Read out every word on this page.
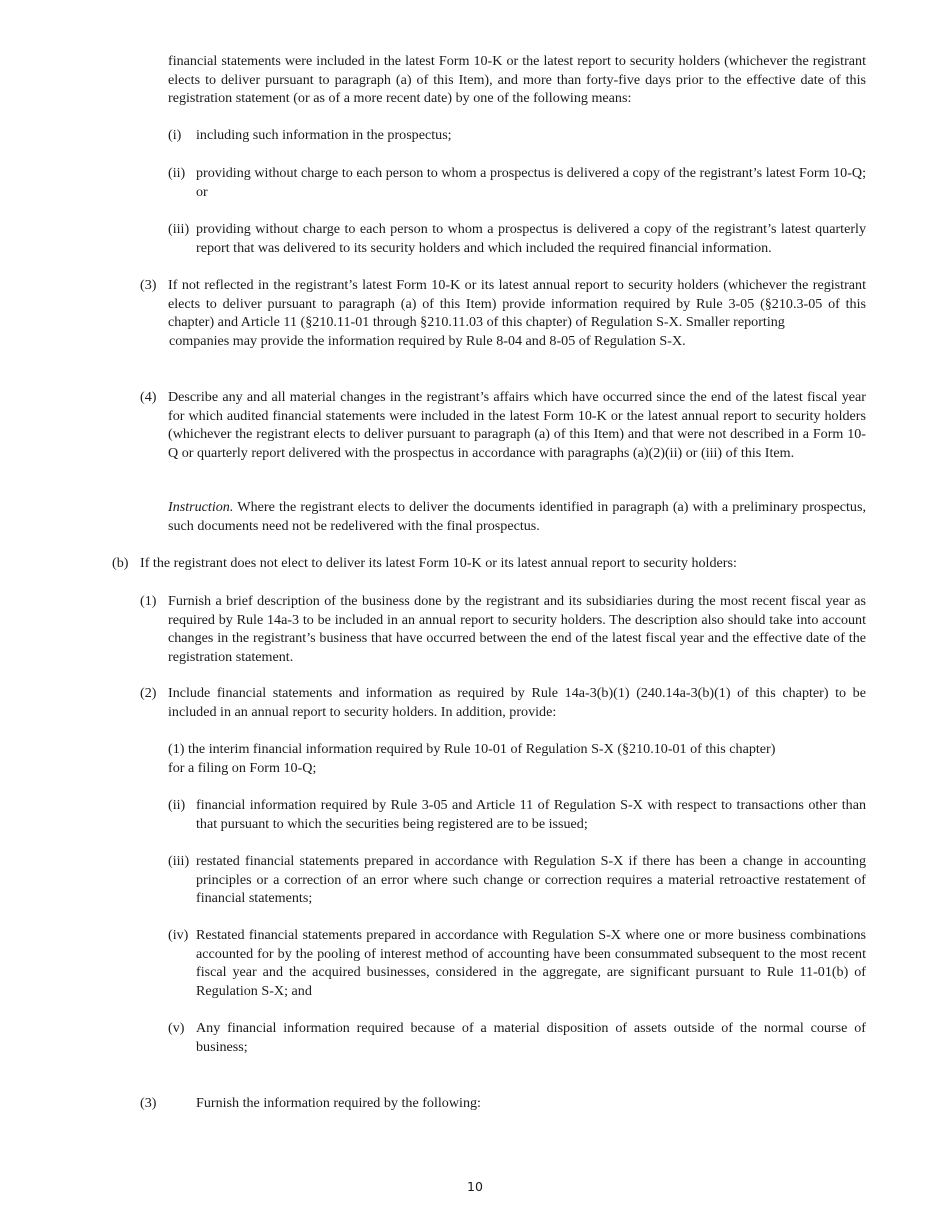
financial statements were included in the latest Form 10-K or the latest report to security holders (whichever the registrant elects to deliver pursuant to paragraph (a) of this Item), and more than forty-five days prior to the effective date of this registration statement (or as of a more recent date) by one of the following means:
(i) including such information in the prospectus;
(ii) providing without charge to each person to whom a prospectus is delivered a copy of the registrant’s latest Form 10-Q; or
(iii) providing without charge to each person to whom a prospectus is delivered a copy of the registrant’s latest quarterly report that was delivered to its security holders and which included the required financial information.
(3) If not reflected in the registrant’s latest Form 10-K or its latest annual report to security holders (whichever the registrant elects to deliver pursuant to paragraph (a) of this Item) provide information required by Rule 3-05 (§210.3-05 of this chapter) and Article 11 (§210.11-01 through §210.11.03 of this chapter) of Regulation S-X. Smaller reporting
companies may provide the information required by Rule 8-04 and 8-05 of Regulation S-X.
(4) Describe any and all material changes in the registrant’s affairs which have occurred since the end of the latest fiscal year for which audited financial statements were included in the latest Form 10-K or the latest annual report to security holders (whichever the registrant elects to deliver pursuant to paragraph (a) of this Item) and that were not described in a Form 10-Q or quarterly report delivered with the prospectus in accordance with paragraphs (a)(2)(ii) or (iii) of this Item.
Instruction. Where the registrant elects to deliver the documents identified in paragraph (a) with a preliminary prospectus, such documents need not be redelivered with the final prospectus.
(b) If the registrant does not elect to deliver its latest Form 10-K or its latest annual report to security holders:
(1) Furnish a brief description of the business done by the registrant and its subsidiaries during the most recent fiscal year as required by Rule 14a-3 to be included in an annual report to security holders. The description also should take into account changes in the registrant’s business that have occurred between the end of the latest fiscal year and the effective date of the registration statement.
(2) Include financial statements and information as required by Rule 14a-3(b)(1) (240.14a-3(b)(1) of this chapter) to be included in an annual report to security holders. In addition, provide:
(1) the interim financial information required by Rule 10-01 of Regulation S-X (§210.10-01 of this chapter)
for a filing on Form 10-Q;
(ii) financial information required by Rule 3-05 and Article 11 of Regulation S-X with respect to transactions other than that pursuant to which the securities being registered are to be issued;
(iii) restated financial statements prepared in accordance with Regulation S-X if there has been a change in accounting principles or a correction of an error where such change or correction requires a material retroactive restatement of financial statements;
(iv) Restated financial statements prepared in accordance with Regulation S-X where one or more business combinations accounted for by the pooling of interest method of accounting have been consummated subsequent to the most recent fiscal year and the acquired businesses, considered in the aggregate, are significant pursuant to Rule 11-01(b) of Regulation S-X; and
(v) Any financial information required because of a material disposition of assets outside of the normal course of business;
(3)	Furnish the information required by the following:
10
